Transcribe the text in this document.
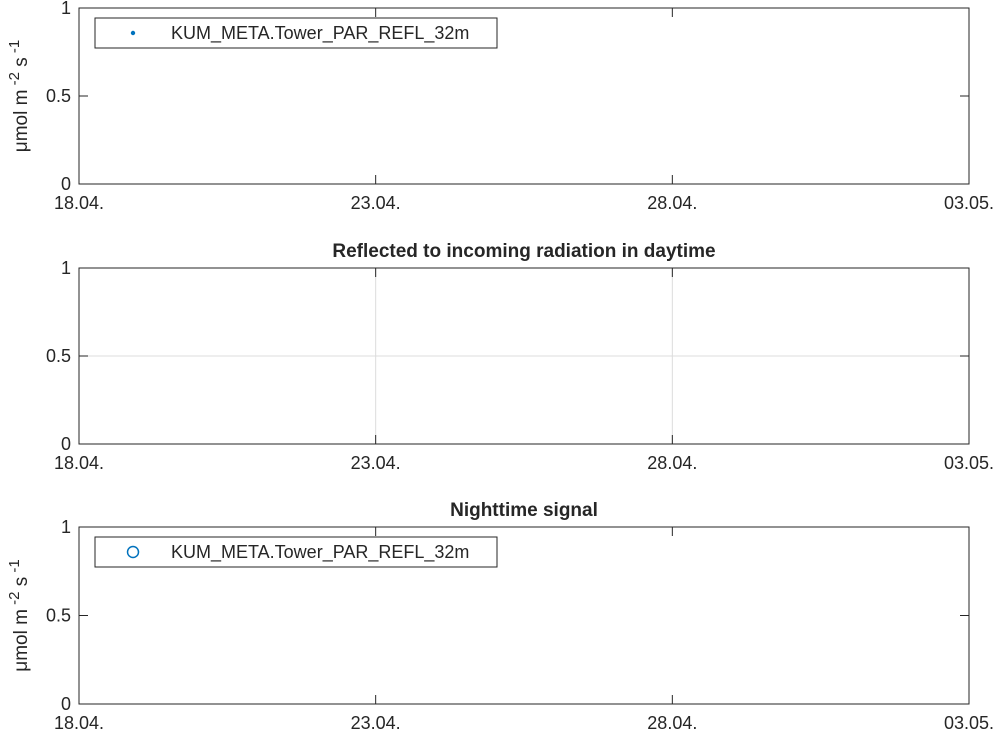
18.04.	23.04.	28.04.	03.05.
0
0.5
1
μmol m $^{-2}$ s $^{-1}$
KUM_META.Tower_PAR_REFL_32m
18.04.	23.04.	28.04.	03.05.
0
0.5
1
Reflected to incoming radiation in daytime
18.04.	23.04.	28.04.	03.05.
0
0.5
1
Nighttime signal
μmol m $^{-2}$ s $^{-1}$
KUM_META.Tower_PAR_REFL_32m
